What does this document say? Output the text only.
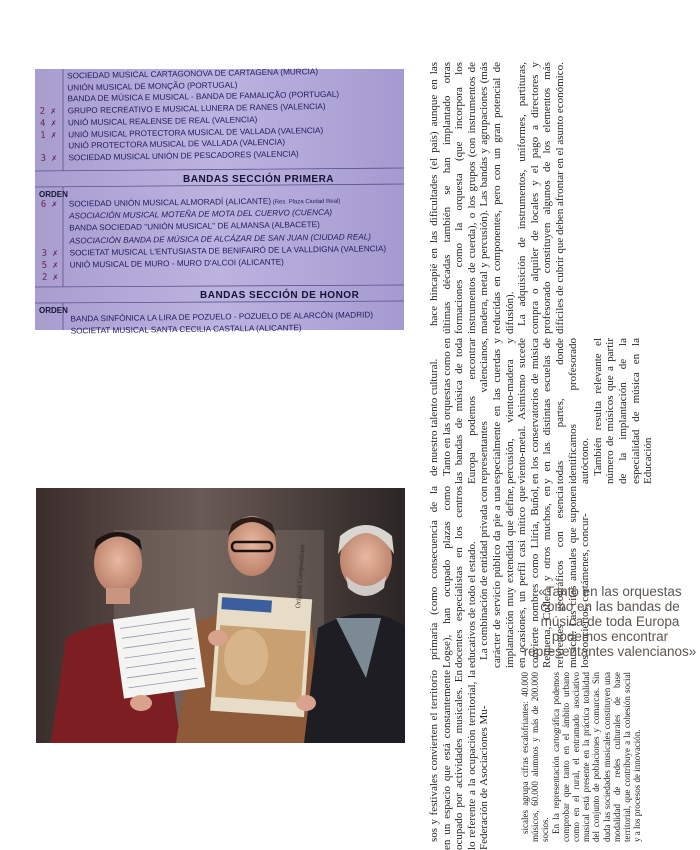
SOCIEDAD MUSICAL CARTAGONOVA DE CARTAGENA (MURCIA)
UNIÓN MUSICAL DE MONÇÃO (PORTUGAL)
BANDA DE MÚSICA E MUSICAL - BANDA DE FAMALIÇÃO (PORTUGAL)
2 ✗ GRUPO RECREATIVO E MUSICAL LUNERA DE RANES (VALENCIA)
4 ✗ UNIÓ MUSICAL REALENSE DE REAL (VALENCIA)
1 ✗ UNIÓ MUSICAL PROTECTORA MUSICAL DE VALLADA (VALENCIA)
UNIÓ PROTECTORA MUSICAL DE VALLADA (VALENCIA)
3 ✗ SOCIEDAD MUSICAL UNIÓN DE PESCADORES (VALENCIA)
BANDAS SECCIÓN PRIMERA
ORDEN
6 ✗ SOCIEDAD UNIÓN MUSICAL ALMORADÍ (ALICANTE) (Res. Plaza Ciudad Real)
ASOCIACIÓN MUSICAL MOTEÑA DE MOTA DEL CUERVO (CUENCA)
BANDA SOCIEDAD "UNIÓN MUSICAL" DE ALMANSA (ALBACETE)
ASOCIACIÓN BANDA DE MÚSICA DE ALCÁZAR DE SAN JUAN (CIUDAD REAL)
3 ✗ SOCIETAT MUSICAL L'ENTUSIASTA DE BENIFAIRÓ DE LA VALLDIGNA (VALENCIA)
5 ✗ UNIÓ MUSICAL DE MURO - MURO D'ALCOI (ALICANTE)
2 ✗
BANDAS SECCIÓN DE HONOR
ORDEN BANDA SINFÓNICA LA LIRA DE POZUELO - POZUELO DE ALARCÓN (MADRID)
SOCIETAT MUSICAL SANTA CECILIA CASTALLA (ALICANTE)
Original Compositions

hace hincapié en las dificultades (el país) aunque en las últimas décadas también se han implantado otras formaciones como la orquesta (que incorpora los instrumentos de cuerda), o los grupos (con instrumentos de madera, metal y percusión). Las bandas y agrupaciones (más reducidas en componentes, pero con un gran potencial de difusión). La adquisición de instrumentos, uniformes, partituras, compra o alquiler de locales y el pago a directores y profesorado constituyen algunos de los elementos más difíciles de cubrir que deben afrontar en el asunto económico.

de nuestro talento cultural. Tanto en las orquestas como en las bandas de música de toda Europa podemos encontrar representantes valencianos, especialmente en las cuerdas y percusión, viento-madera y viento-metal. Asimismo sucede en los conservatorios de música y en las distintas escuelas de todas partes, donde identificamos profesorado autóctono. También resulta relevante el número de músicos que a partir de la implantación de la especialidad de música en la Educación

primaria (como consecuencia de la Logse), han ocupado plazas como docentes especialistas en los centros educativos de todo el estado. La combinación de entidad privada con carácter de servicio público da pie a una implantación muy extendida que define, en ocasiones, un perfil casi mítico que convierte nombres como Llíria, Buñol, Requena, Cullera y otros muchos, en referentes geográficos con esencia musical. Las citas anuales que suponen los conciertos, certámenes, concur-

sos y festivales convierten el territorio en un espacio que está constantemente ocupado por actividades musicales. En lo referente a la ocupación territorial, la Federación de Asociaciones Mu-

«Tanto en las orquestas como en las bandas de música de toda Europa podemos encontrar representantes valencianos»

sicales agrupa cifras escalofriantes: 40.000 músicos, 60.000 alumnos y más de 200.000 socios. En la representación cartográfica podemos comprobar que tanto en el ámbito urbano como en el rural, el entramado asociativo musical está presente en la práctica totalidad del conjunto de poblaciones y comarcas. Sin duda las sociedades musicales constituyen una modalidad de redes culturales de base territorial, que contribuye a la cohesión social y a los procesos de innovación.
